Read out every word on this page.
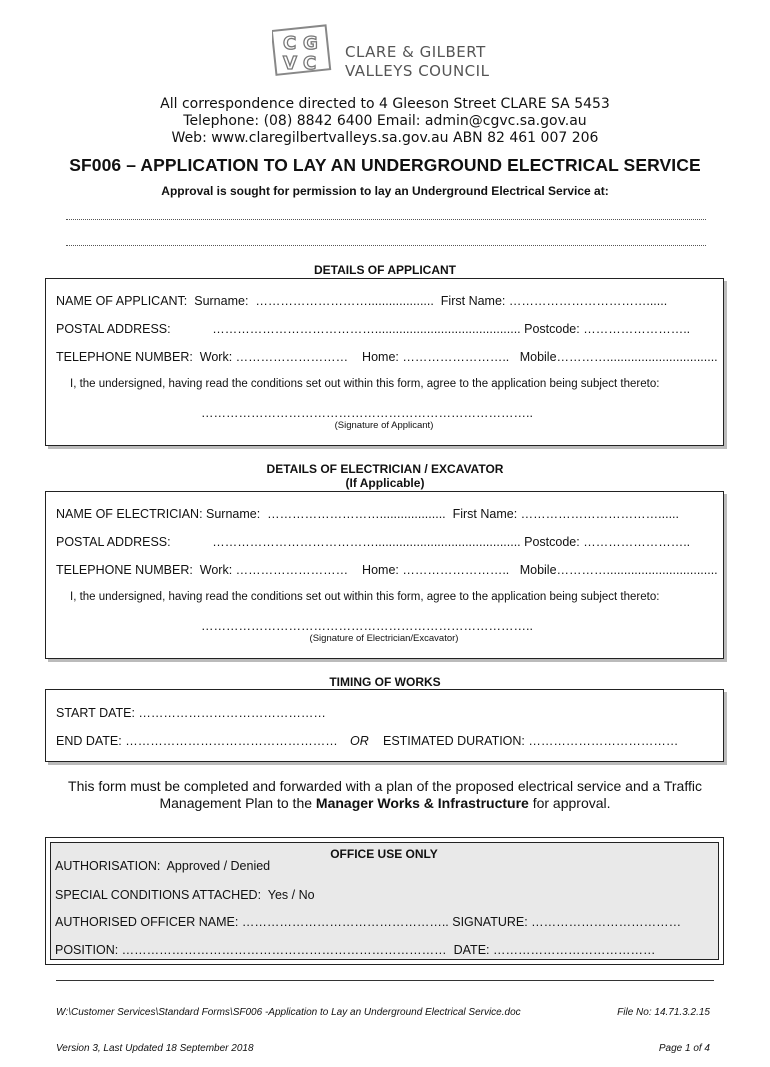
C G
V C
CLARE & GILBERT
VALLEYS COUNCIL
All correspondence directed to 4 Gleeson Street CLARE SA 5453
Telephone: (08) 8842 6400 Email: admin@cgvc.sa.gov.au
Web: www.claregilbertvalleys.sa.gov.au ABN 82 461 007 206
SF006 – APPLICATION TO LAY AN UNDERGROUND ELECTRICAL SERVICE
Approval is sought for permission to lay an Underground Electrical Service at:
DETAILS OF APPLICANT
NAME OF APPLICANT:  Surname:  ………………………...................  First Name: ……………………………......
POSTAL ADDRESS:            ………………………………….......................................... Postcode: ……………………..
TELEPHONE NUMBER:  Work: ………………………    Home: ……………………..   Mobile…………................................
I, the undersigned, having read the conditions set out within this form, agree to the application being subject thereto:
……………………………………………………………………..
(Signature of Applicant)
DETAILS OF ELECTRICIAN / EXCAVATOR
(If Applicable)
NAME OF ELECTRICIAN: Surname:  ………………………...................  First Name: ……………………………......
POSTAL ADDRESS:            ………………………………….......................................... Postcode: ……………………..
TELEPHONE NUMBER:  Work: ………………………    Home: ……………………..   Mobile…………................................
I, the undersigned, having read the conditions set out within this form, agree to the application being subject thereto:
……………………………………………………………………..
(Signature of Electrician/Excavator)
TIMING OF WORKS
START DATE: ………………………………………
END DATE: …………………………………………… OR ESTIMATED DURATION: ………………………………
This form must be completed and forwarded with a plan of the proposed electrical service and a Traffic
Management Plan to the Manager Works & Infrastructure for approval.
OFFICE USE ONLY
AUTHORISATION:  Approved / Denied
SPECIAL CONDITIONS ATTACHED:  Yes / No
AUTHORISED OFFICER NAME: ………………………………………….. SIGNATURE: ………………………………
POSITION: ……………………………………………………………………  DATE: …………………………………

W:\Customer Services\Standard Forms\SF006 -Application to Lay an Underground Electrical Service.doc

Version 3, Last Updated 18 September 2018

File No: 14.71.3.2.15

Page 1 of 4
